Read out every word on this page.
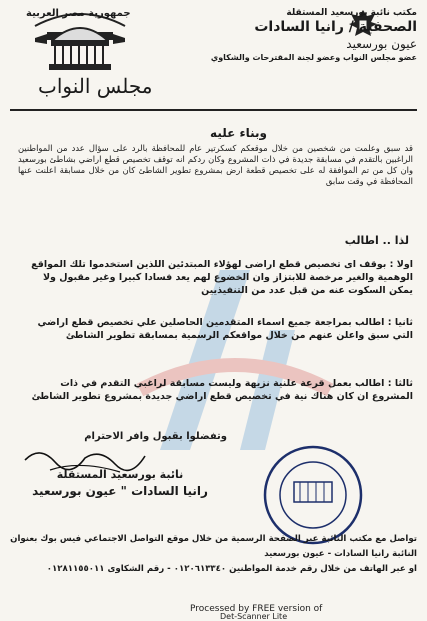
جمهورية مصر العربية
مجلس النواب
مكتب نائبة بورسعيد المستقلة
الصحفية / رانيا السادات
عيون بورسعيد
عضو مجلس النواب وعضو لجنة المقترحات والشكاوي
وبناء عليه
قد سبق وعلمت من شخصين من خلال موقعكم كسكرتير عام للمحافظة بالرد على سؤال عدد من المواطنين الراغبين بالتقدم في مسابقة جديدة في ذات المشروع وكان ردكم انه توقف تخصيص قطع اراضي بشاطئ بورسعيد وان كل من تم الموافقة له على تخصيص قطعة ارض بمشروع تطوير الشاطئ كان من خلال مسابقة اعلنت عنها المحافظة في وقت سابق
لذا .. اطالب
اولا : بوقف اى تخصيص قطع اراضى لهؤلاء المبتدئين اللذين استخدموا تلك المواقع الوهمية والغير مرخصة للابتزاز وان الخضوع لهم يعد فسادا كبيرا وغير مقبول ولا يمكن السكوت عنه من قبل عدد من التنفيذيين
ثانيا : اطالب بمراجعة جميع اسماء المتقدمين الحاصلين علي تخصيص قطع اراضي التي سبق واعلن عنهم من خلال مواقعكم الرسمية بمسابقة تطوير الشاطئ
ثالثا : اطالب بعمل قرعة علنية نزيهة وليست مسابقة لراغبي التقدم في ذات المشروع ان كان هناك نية في تخصيص قطع اراضي جديدة بمشروع تطوير الشاطئ
وتفضلوا بقبول وافر الاحترام
نائبة بورسعيد المستقلة
رانيا السادات " عيون بورسعيد
تواصل مع مكتب النائبة عبر الصفحة الرسمية من خلال موقع التواصل الاجتماعي فيس بوك بعنوان
النائبة رانيا السادات - عيون بورسعيد
او عبر الهاتف من خلال رقم خدمة المواطنين ٠١٢٠٦١٣٣٤٠ - رقم الشكاوى ٠١٢٨١١٥٥٠١١
Processed by FREE version of
Det-Scanner Lite
